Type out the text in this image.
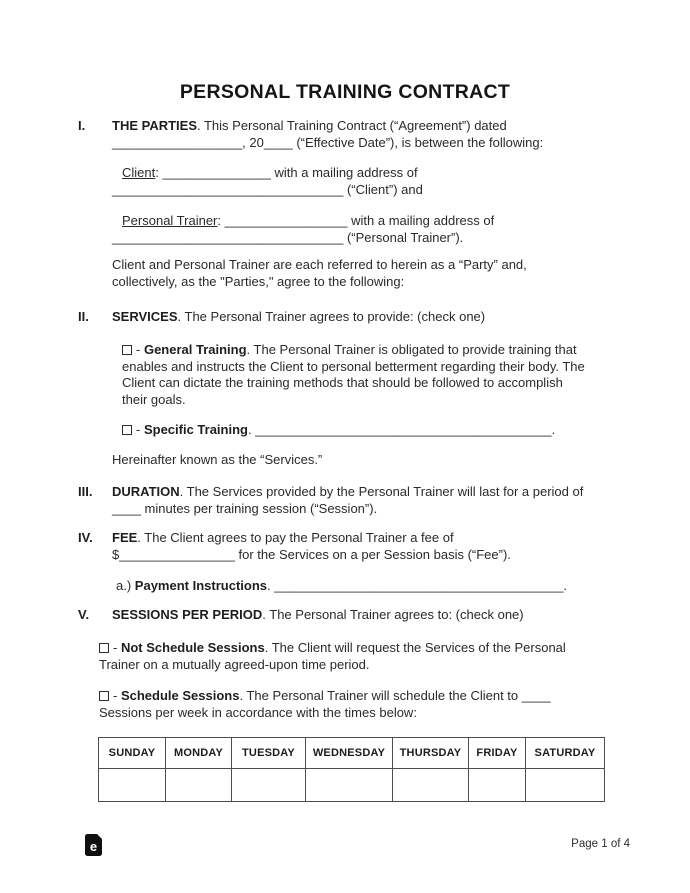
PERSONAL TRAINING CONTRACT

I. THE PARTIES. This Personal Training Contract (“Agreement”) dated
__________________, 20____ (“Effective Date”), is between the following:

Client: _______________ with a mailing address of
________________________________ (“Client”) and

Personal Trainer: _________________ with a mailing address of
________________________________ (“Personal Trainer”).

Client and Personal Trainer are each referred to herein as a “Party” and,
collectively, as the "Parties," agree to the following:

II. SERVICES. The Personal Trainer agrees to provide: (check one)

- General Training. The Personal Trainer is obligated to provide training that
enables and instructs the Client to personal betterment regarding their body. The
Client can dictate the training methods that should be followed to accomplish
their goals.

- Specific Training. _________________________________________.

Hereinafter known as the “Services.”

III. DURATION. The Services provided by the Personal Trainer will last for a period of
____ minutes per training session (“Session”).

IV. FEE. The Client agrees to pay the Personal Trainer a fee of
$________________ for the Services on a per Session basis (“Fee”).

a.) Payment Instructions. ________________________________________.

V. SESSIONS PER PERIOD. The Personal Trainer agrees to: (check one)

- Not Schedule Sessions. The Client will request the Services of the Personal
Trainer on a mutually agreed-upon time period.

- Schedule Sessions. The Personal Trainer will schedule the Client to ____
Sessions per week in accordance with the times below:

SUNDAY	MONDAY	TUESDAY	WEDNESDAY	THURSDAY	FRIDAY	SATURDAY

e	Page 1 of 4
